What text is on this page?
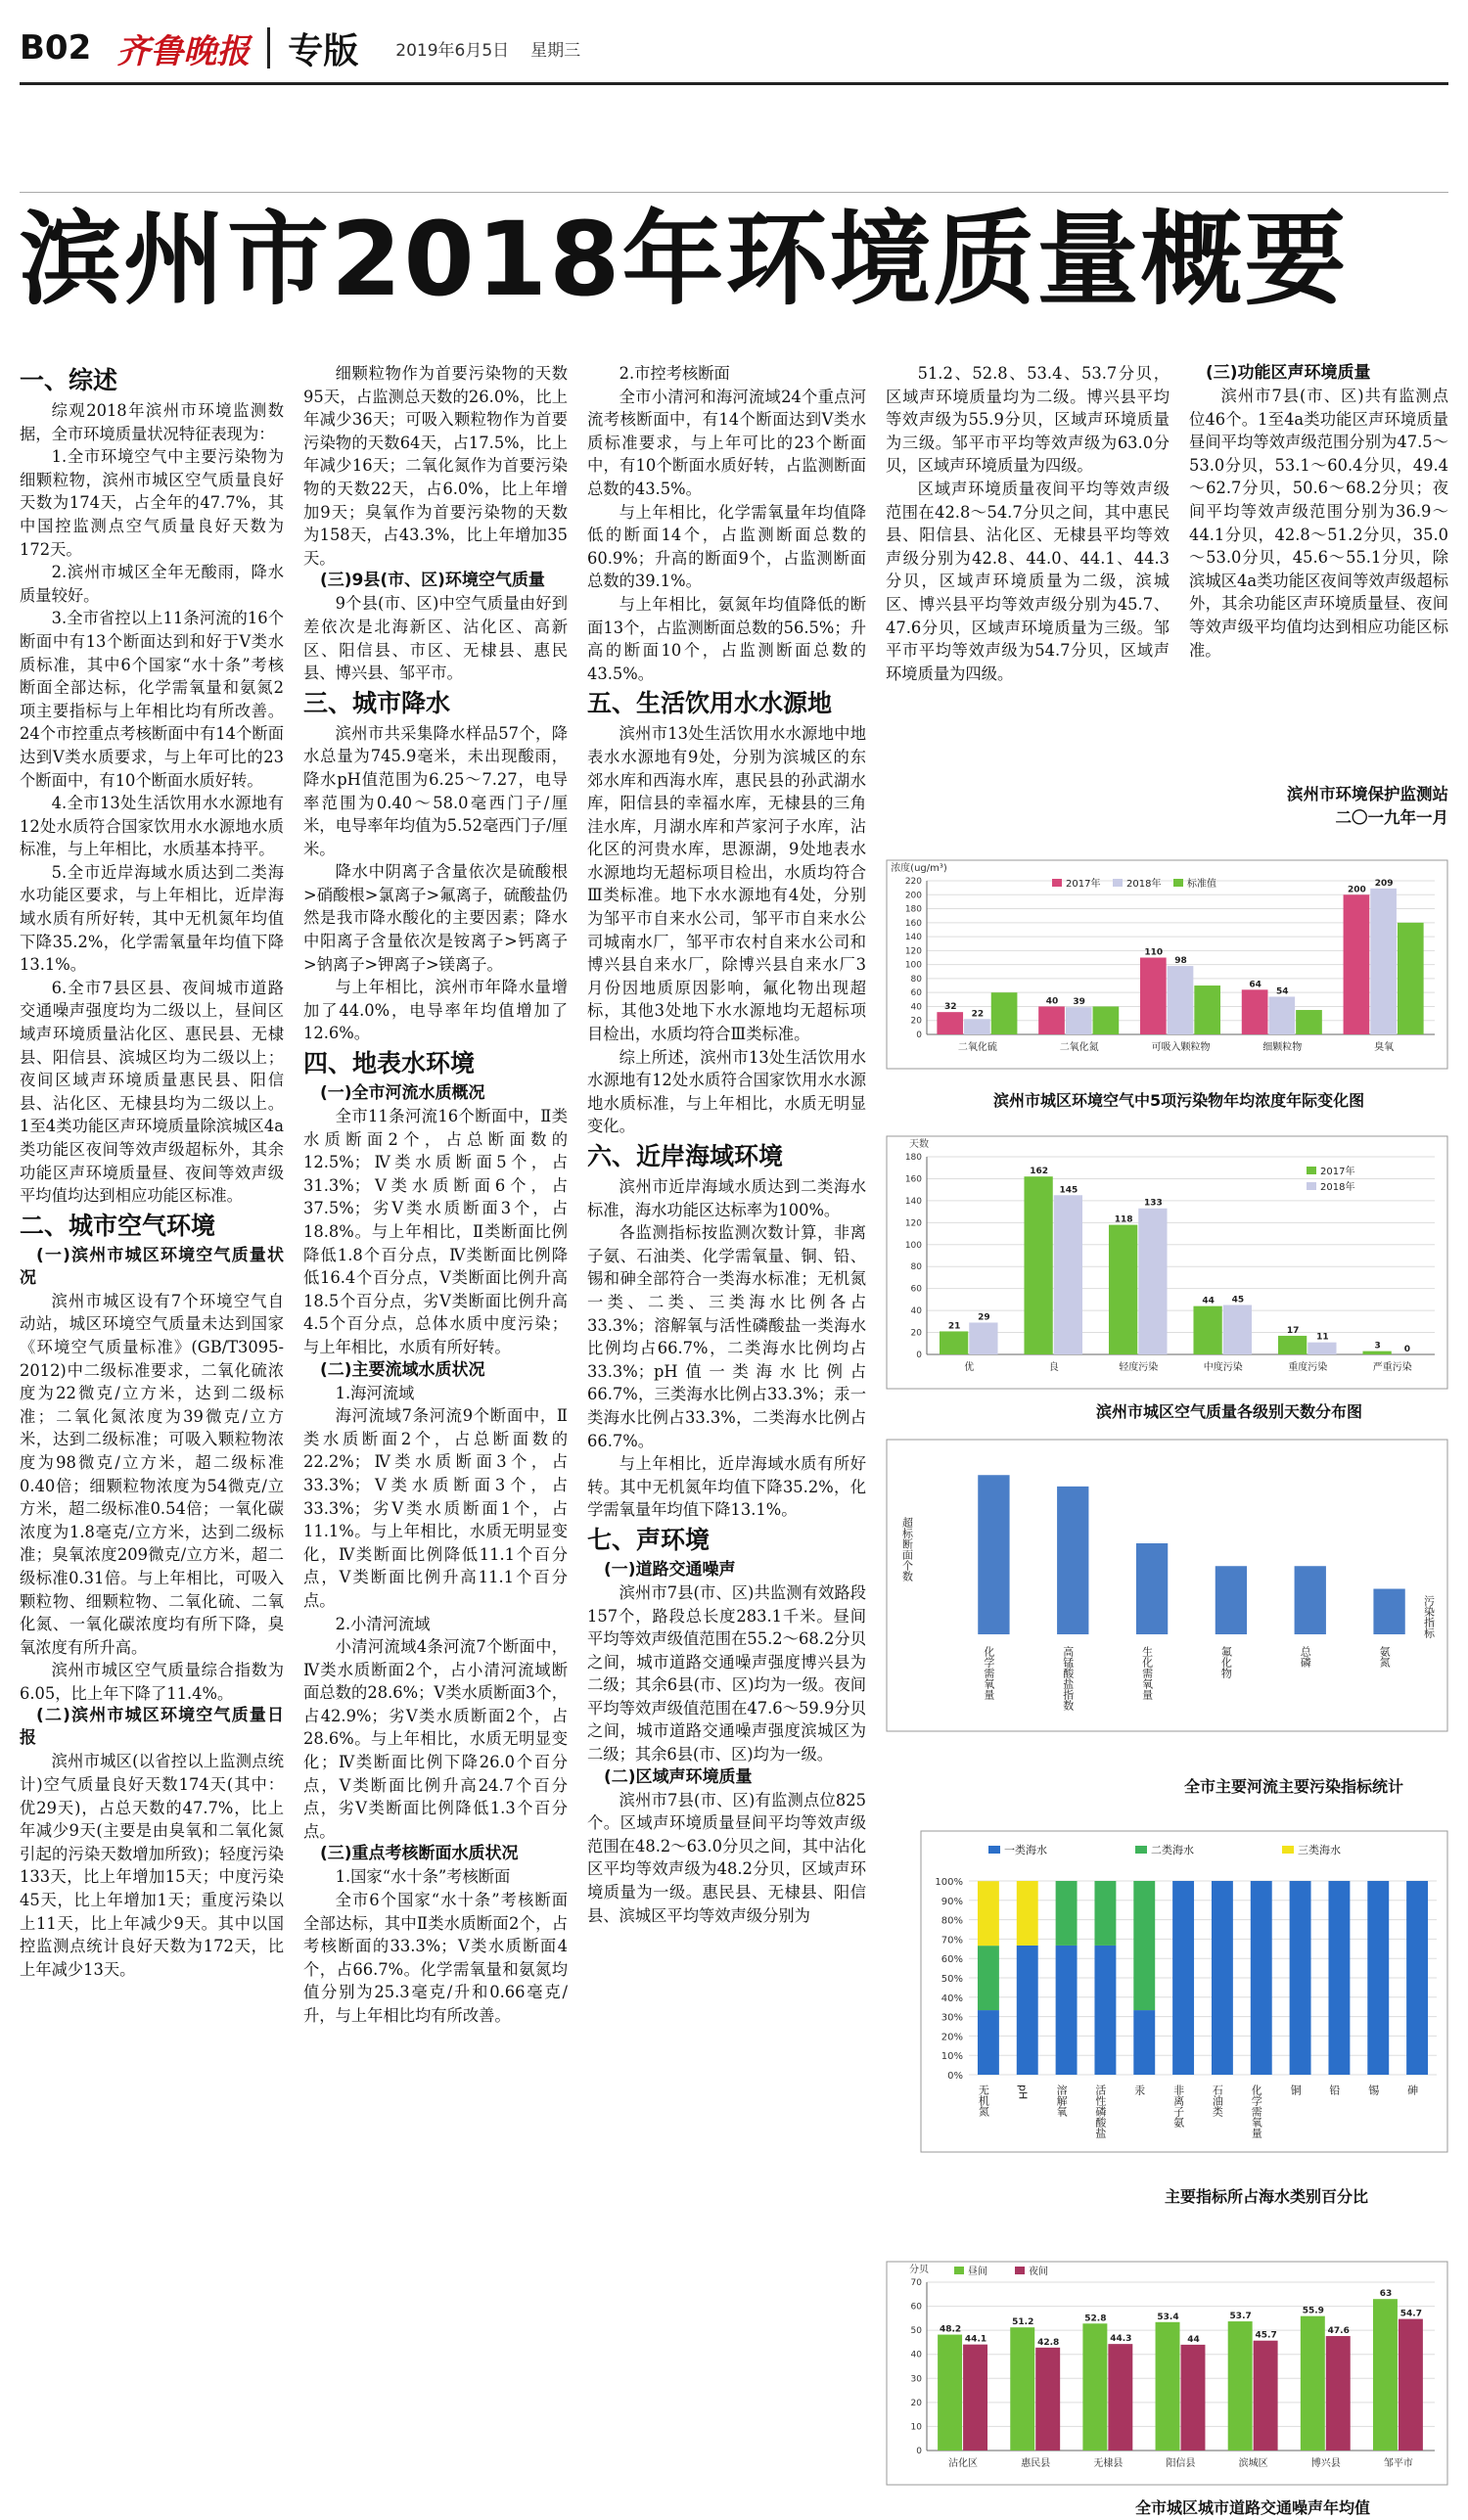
B02 齐鲁晚报 专版 2019年6月5日 星期三
滨州市2018年环境质量概要
一、综述

综观2018年滨州市环境监测数据，全市环境质量状况特征表现为：

1.全市环境空气中主要污染物为细颗粒物，滨州市城区空气质量良好天数为174天，占全年的47.7%，其中国控监测点空气质量良好天数为172天。

2.滨州市城区全年无酸雨，降水质量较好。

3.全市省控以上11条河流的16个断面中有13个断面达到和好于Ⅴ类水质标准，其中6个国家“水十条”考核断面全部达标，化学需氧量和氨氮2项主要指标与上年相比均有所改善。24个市控重点考核断面中有14个断面达到Ⅴ类水质要求，与上年可比的23个断面中，有10个断面水质好转。

4.全市13处生活饮用水水源地有12处水质符合国家饮用水水源地水质标准，与上年相比，水质基本持平。

5.全市近岸海域水质达到二类海水功能区要求，与上年相比，近岸海域水质有所好转，其中无机氮年均值下降35.2%，化学需氧量年均值下降13.1%。

6.全市7县区县、夜间城市道路交通噪声强度均为二级以上，昼间区域声环境质量沾化区、惠民县、无棣县、阳信县、滨城区均为二级以上；夜间区域声环境质量惠民县、阳信县、沾化区、无棣县均为二级以上。1至4类功能区声环境质量除滨城区4a类功能区夜间等效声级超标外，其余功能区声环境质量昼、夜间等效声级平均值均达到相应功能区标准。

二、城市空气环境
(一)滨州市城区环境空气质量状况

滨州市城区设有7个环境空气自动站，城区环境空气质量未达到国家《环境空气质量标准》(GB/T3095-2012)中二级标准要求，二氧化硫浓度为22微克/立方米，达到二级标准；二氧化氮浓度为39微克/立方米，达到二级标准；可吸入颗粒物浓度为98微克/立方米，超二级标准0.40倍；细颗粒物浓度为54微克/立方米，超二级标准0.54倍；一氧化碳浓度为1.8毫克/立方米，达到二级标准；臭氧浓度209微克/立方米，超二级标准0.31倍。与上年相比，可吸入颗粒物、细颗粒物、二氧化硫、二氧化氮、一氧化碳浓度均有所下降，臭氧浓度有所升高。

滨州市城区空气质量综合指数为6.05，比上年下降了11.4%。

(二)滨州市城区环境空气质量日报

滨州市城区(以省控以上监测点统计)空气质量良好天数174天(其中：优29天)，占总天数的47.7%，比上年减少9天(主要是由臭氧和二氧化氮引起的污染天数增加所致)；轻度污染133天，比上年增加15天；中度污染45天，比上年增加1天；重度污染以上11天，比上年减少9天。其中以国控监测点统计良好天数为172天，比上年减少13天。

细颗粒物作为首要污染物的天数95天，占监测总天数的26.0%，比上年减少36天；可吸入颗粒物作为首要污染物的天数64天，占17.5%，比上年减少16天；二氧化氮作为首要污染物的天数22天，占6.0%，比上年增加9天；臭氧作为首要污染物的天数为158天，占43.3%，比上年增加35天。

(三)9县(市、区)环境空气质量

9个县(市、区)中空气质量由好到差依次是北海新区、沾化区、高新区、阳信县、市区、无棣县、惠民县、博兴县、邹平市。

三、城市降水

滨州市共采集降水样品57个，降水总量为745.9毫米，未出现酸雨，降水pH值范围为6.25～7.27，电导率范围为0.40～58.0毫西门子/厘米，电导率年均值为5.52毫西门子/厘米。

降水中阴离子含量依次是硫酸根>硝酸根>氯离子>氟离子，硫酸盐仍然是我市降水酸化的主要因素；降水中阳离子含量依次是铵离子>钙离子>钠离子>钾离子>镁离子。

与上年相比，滨州市年降水量增加了44.0%，电导率年均值增加了12.6%。

四、地表水环境
(一)全市河流水质概况

全市11条河流16个断面中，Ⅱ类水质断面2个，占总断面数的12.5%；Ⅳ类水质断面5个，占31.3%；Ⅴ类水质断面6个，占37.5%；劣Ⅴ类水质断面3个，占18.8%。与上年相比，Ⅱ类断面比例降低1.8个百分点，Ⅳ类断面比例降低16.4个百分点，Ⅴ类断面比例升高18.5个百分点，劣Ⅴ类断面比例升高4.5个百分点，总体水质中度污染；与上年相比，水质有所好转。

(二)主要流域水质状况

1.海河流域

海河流域7条河流9个断面中，Ⅱ类水质断面2个，占总断面数的22.2%；Ⅳ类水质断面3个，占33.3%；Ⅴ类水质断面3个，占33.3%；劣Ⅴ类水质断面1个，占11.1%。与上年相比，水质无明显变化，Ⅳ类断面比例降低11.1个百分点，Ⅴ类断面比例升高11.1个百分点。

2.小清河流域

小清河流域4条河流7个断面中，Ⅳ类水质断面2个，占小清河流域断面总数的28.6%；Ⅴ类水质断面3个，占42.9%；劣Ⅴ类水质断面2个，占28.6%。与上年相比，水质无明显变化；Ⅳ类断面比例下降26.0个百分点，Ⅴ类断面比例升高24.7个百分点，劣Ⅴ类断面比例降低1.3个百分点。

(三)重点考核断面水质状况

1.国家“水十条”考核断面

全市6个国家“水十条”考核断面全部达标，其中Ⅱ类水质断面2个，占考核断面的33.3%；Ⅴ类水质断面4个，占66.7%。化学需氧量和氨氮均值分别为25.3毫克/升和0.66毫克/升，与上年相比均有所改善。

2.市控考核断面

全市小清河和海河流域24个重点河流考核断面中，有14个断面达到Ⅴ类水质标准要求，与上年可比的23个断面中，有10个断面水质好转，占监测断面总数的43.5%。

与上年相比，化学需氧量年均值降低的断面14个，占监测断面总数的60.9%；升高的断面9个，占监测断面总数的39.1%。

与上年相比，氨氮年均值降低的断面13个，占监测断面总数的56.5%；升高的断面10个，占监测断面总数的43.5%。

五、生活饮用水水源地

滨州市13处生活饮用水水源地中地表水水源地有9处，分别为滨城区的东郊水库和西海水库，惠民县的孙武湖水库，阳信县的幸福水库，无棣县的三角洼水库，月湖水库和芦家河子水库，沾化区的河贵水库，思源湖，9处地表水水源地均无超标项目检出，水质均符合Ⅲ类标准。地下水水源地有4处，分别为邹平市自来水公司，邹平市自来水公司城南水厂，邹平市农村自来水公司和博兴县自来水厂，除博兴县自来水厂3月份因地质原因影响，氟化物出现超标，其他3处地下水水源地均无超标项目检出，水质均符合Ⅲ类标准。

综上所述，滨州市13处生活饮用水水源地有12处水质符合国家饮用水水源地水质标准，与上年相比，水质无明显变化。

六、近岸海域环境

滨州市近岸海域水质达到二类海水标准，海水功能区达标率为100%。

各监测指标按监测次数计算，非离子氨、石油类、化学需氧量、铜、铅、锡和砷全部符合一类海水标准；无机氮一类、二类、三类海水比例各占33.3%；溶解氧与活性磷酸盐一类海水比例均占66.7%，二类海水比例均占33.3%；pH值一类海水比例占66.7%，三类海水比例占33.3%；汞一类海水比例占33.3%，二类海水比例占66.7%。

与上年相比，近岸海域水质有所好转。其中无机氮年均值下降35.2%，化学需氧量年均值下降13.1%。

七、声环境
(一)道路交通噪声

滨州市7县(市、区)共监测有效路段157个，路段总长度283.1千米。昼间平均等效声级值范围在55.2～68.2分贝之间，城市道路交通噪声强度博兴县为二级；其余6县(市、区)均为一级。夜间平均等效声级值范围在47.6～59.9分贝之间，城市道路交通噪声强度滨城区为二级；其余6县(市、区)均为一级。

(二)区域声环境质量

滨州市7县(市、区)有监测点位825个。区域声环境质量昼间平均等效声级范围在48.2～63.0分贝之间，其中沾化区平均等效声级为48.2分贝，区域声环境质量为一级。惠民县、无棣县、阳信县、滨城区平均等效声级分别为

51.2、52.8、53.4、53.7分贝，区域声环境质量均为二级。博兴县平均等效声级为55.9分贝，区域声环境质量为三级。邹平市平均等效声级为63.0分贝，区域声环境质量为四级。

区域声环境质量夜间平均等效声级范围在42.8～54.7分贝之间，其中惠民县、阳信县、沾化区、无棣县平均等效声级分别为42.8、44.0、44.1、44.3分贝，区域声环境质量为二级，滨城区、博兴县平均等效声级分别为45.7、47.6分贝，区域声环境质量为三级。邹平市平均等效声级为54.7分贝，区域声环境质量为四级。

(三)功能区声环境质量

滨州市7县(市、区)共有监测点位46个。1至4a类功能区声环境质量昼间平均等效声级范围分别为47.5～53.0分贝，53.1～60.4分贝，49.4～62.7分贝，50.6～68.2分贝；夜间平均等效声级范围分别为36.9～44.1分贝，42.8～51.2分贝，35.0～53.0分贝，45.6～55.1分贝，除滨城区4a类功能区夜间等效声级超标外，其余功能区声环境质量昼、夜间等效声级平均值均达到相应功能区标准。

滨州市环境保护监测站
二〇一九年一月
浓度(ug/m³)
0
20
40
60
80
100
120
140
160
180
200
220
32
22
二氧化硫
40 39
二氧化氮
110
98
可吸入颗粒物
64
54
细颗粒物
200
209
臭氧
2017年	2018年	标准值
滨州市城区环境空气中5项污染物年均浓度年际变化图
天数
0
20
40
60
80
100
120
140
160
180
21
29
优
162
145
良
118
133
轻度污染
44 45
中度污染
17
11
重度污染
3	0
严重污染
2017年
2018年
滨州市城区空气质量各级别天数分布图
超标断面个数
化学需氧量	高锰酸盐指数	生化需氧量	氟化物	总磷	氨氮
污染指标
全市主要河流主要污染指标统计
0%
10%
20%
30%
40%
50%
60%
70%
80%
90%
100%
无机氮 pH 溶解氧 活性磷酸盐 汞 非离子氨 石油类 化学需氧量 铜 铅 锡 砷
一类海水	二类海水	三类海水
主要指标所占海水类别百分比
分贝
0
10
20
30
40
50
60
70
48.2
44.1
沾化区
51.2
42.8
惠民县
52.8
44.3
无棣县
53.4
44
阳信县
53.7
45.7
滨城区
55.9
47.6
博兴县
63
54.7
邹平市
昼间	夜间
全市城区城市道路交通噪声年均值
